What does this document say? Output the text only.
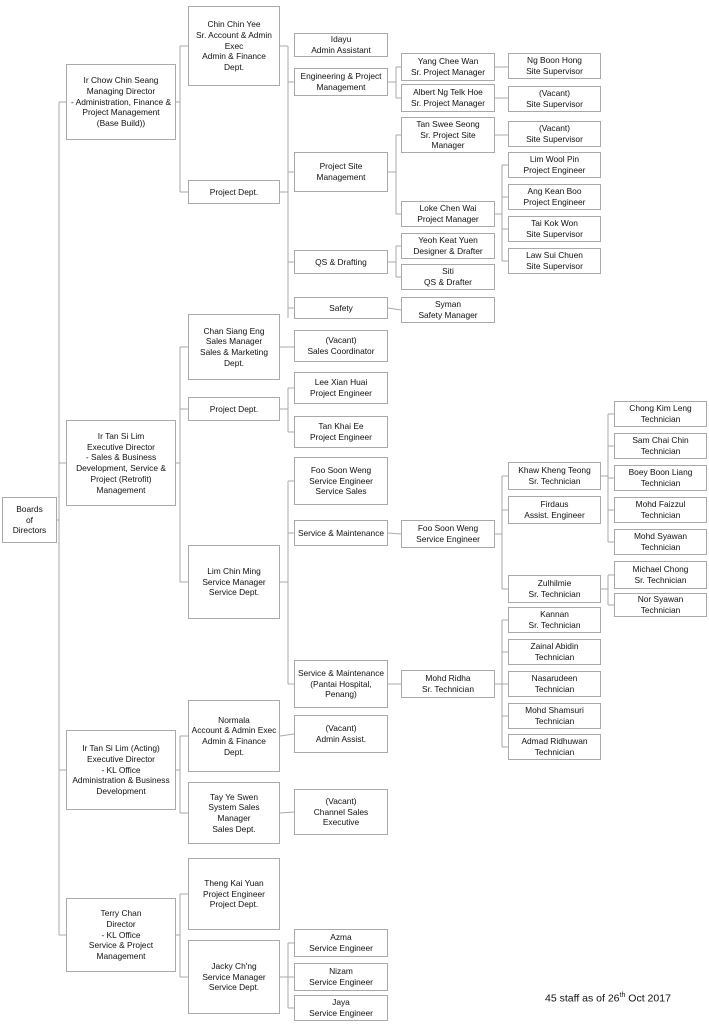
Boards
of
Directors
Ir Chow Chin Seang
Managing Director
- Administration, Finance &
Project Management
(Base Build))
Ir Tan Si Lim
Executive Director
- Sales & Business
Development, Service &
Project (Retrofit)
Management
Ir Tan Si Lim (Acting)
Executive Director
- KL Office
Administration & Business
Development
Terry Chan
Director
- KL Office
Service & Project
Management
Chin Chin Yee
Sr. Account & Admin
Exec
Admin & Finance Dept.
Project Dept.
Chan Siang Eng
Sales Manager
Sales & Marketing
Dept.
Project Dept.
Lim Chin Ming
Service Manager
Service Dept.
Normala
Account & Admin Exec
Admin & Finance Dept.
Tay Ye Swen
System Sales Manager
Sales Dept.
Theng Kai Yuan
Project Engineer
Project Dept.
Jacky Ch'ng
Service Manager
Service Dept.
Idayu
Admin Assistant
Engineering & Project
Management
Project Site
Management
QS & Drafting
Safety
(Vacant)
Sales Coordinator
Lee Xian Huai
Project Engineer
Tan Khai Ee
Project Engineer
Foo Soon Weng
Service Engineer
Service Sales
Service & Maintenance
Service & Maintenance
(Pantai Hospital,
Penang)
(Vacant)
Admin Assist.
(Vacant)
Channel Sales
Executive
Azma
Service Engineer
Nizam
Service Engineer
Jaya
Service Engineer
Yang Chee Wan
Sr. Project Manager
Albert Ng Telk Hoe
Sr. Project Manager
Tan Swee Seong
Sr. Project Site
Manager
Loke Chen Wai
Project Manager
Yeoh Keat Yuen
Designer & Drafter
Siti
QS & Drafter
Syman
Safety Manager
Foo Soon Weng
Service Engineer
Mohd Ridha
Sr. Technician
Ng Boon Hong
Site Supervisor
(Vacant)
Site Supervisor
(Vacant)
Site Supervisor
Lim Wool Pin
Project Engineer
Ang Kean Boo
Project Engineer
Tai Kok Won
Site Supervisor
Law Sui Chuen
Site Supervisor
Khaw Kheng Teong
Sr. Technician
Firdaus
Assist. Engineer
Zulhilmie
Sr. Technician
Kannan
Sr. Technician
Zainal Abidin
Technician
Nasarudeen
Technician
Mohd Shamsuri
Technician
Admad Ridhuwan
Technician
Chong Kim Leng
Technician
Sam Chai Chin
Technician
Boey Boon Liang
Technician
Mohd Faizzul
Technician
Mohd Syawan
Technician
Michael Chong
Sr. Technician
Nor Syawan
Technician
45 staff as of 26th Oct 2017
